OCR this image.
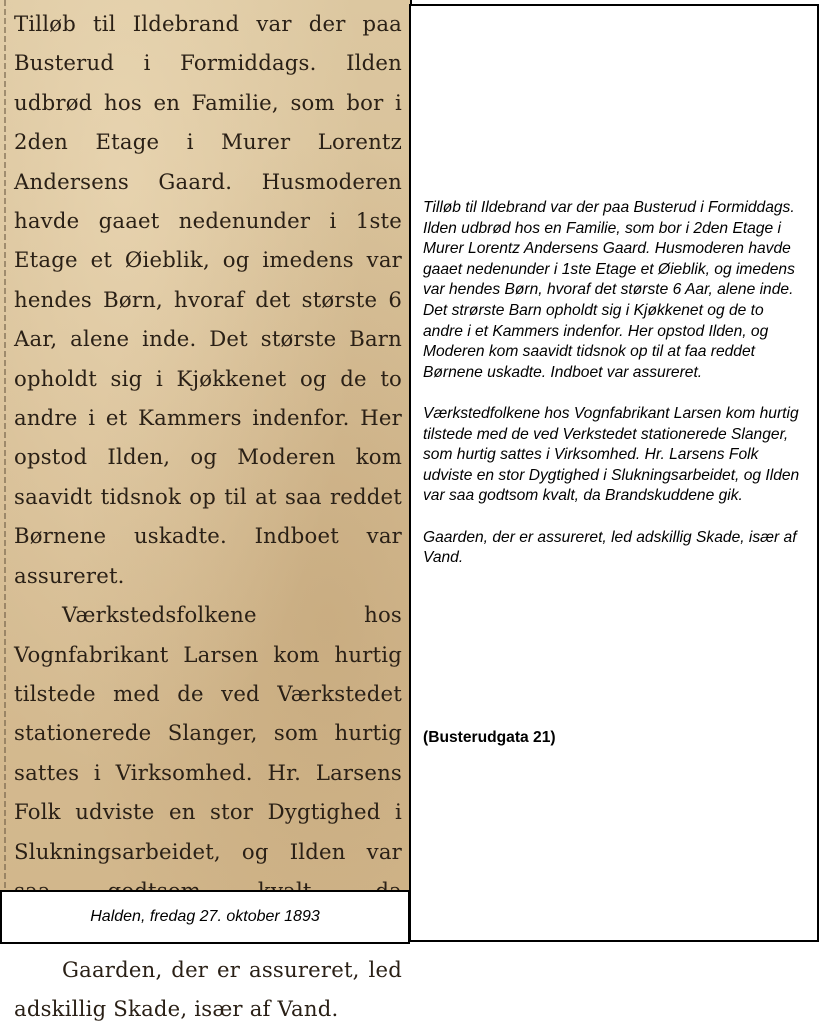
Tilløb til Ildebrand var der paa Busterud i Formiddags. Ilden udbrød hos en Familie, som bor i 2den Etage i Murer Lorentz Andersens Gaard. Husmoderen havde gaaet nedenunder i 1ste Etage et Øieblik, og imedens var hendes Børn, hvoraf det største 6 Aar, alene inde. Det største Barn opholdt sig i Kjøkkenet og de to andre i et Kammers indenfor. Her opstod Ilden, og Moderen kom saavidt tidsnok op til at saa reddet Børnene uskadte. Indboet var assureret.

Værkstedsfolkene hos Vognfabrikant Larsen kom hurtig tilstede med de ved Værkstedet stationerede Slanger, som hurtig sattes i Virksomhed. Hr. Larsens Folk udviste en stor Dygtighed i Slukningsarbeidet, og Ilden var

Gaarden, der er assureret, led adskillig Skade, især af Vand.

Halden, fredag 27. oktober 1893

Tilløb til Ildebrand var der paa Busterud i Formiddags. Ilden udbrød hos en Familie, som bor i 2den Etage i Murer Lorentz Andersens Gaard. Husmoderen havde gaaet nedenunder i 1ste Etage et Øieblik, og imedens var hendes Børn, hvoraf det største 6 Aar, alene inde. Det strørste Barn opholdt sig i Kjøkkenet og de to andre i et Kammers indenfor. Her opstod Ilden, og Moderen kom saavidt tidsnok op til at faa reddet Børnene uskadte. Indboet var assureret.

Værkstedfolkene hos Vognfabrikant Larsen kom hurtig tilstede med de ved Verkstedet stationerede Slanger, som hurtig sattes i Virksomhed. Hr. Larsens Folk udviste en stor Dygtighed i Slukningsarbeidet, og Ilden var saa godtsom kvalt, da Brandskuddene gik.

Gaarden, der er assureret, led adskillig Skade, især af Vand.

(Busterudgata 21)
